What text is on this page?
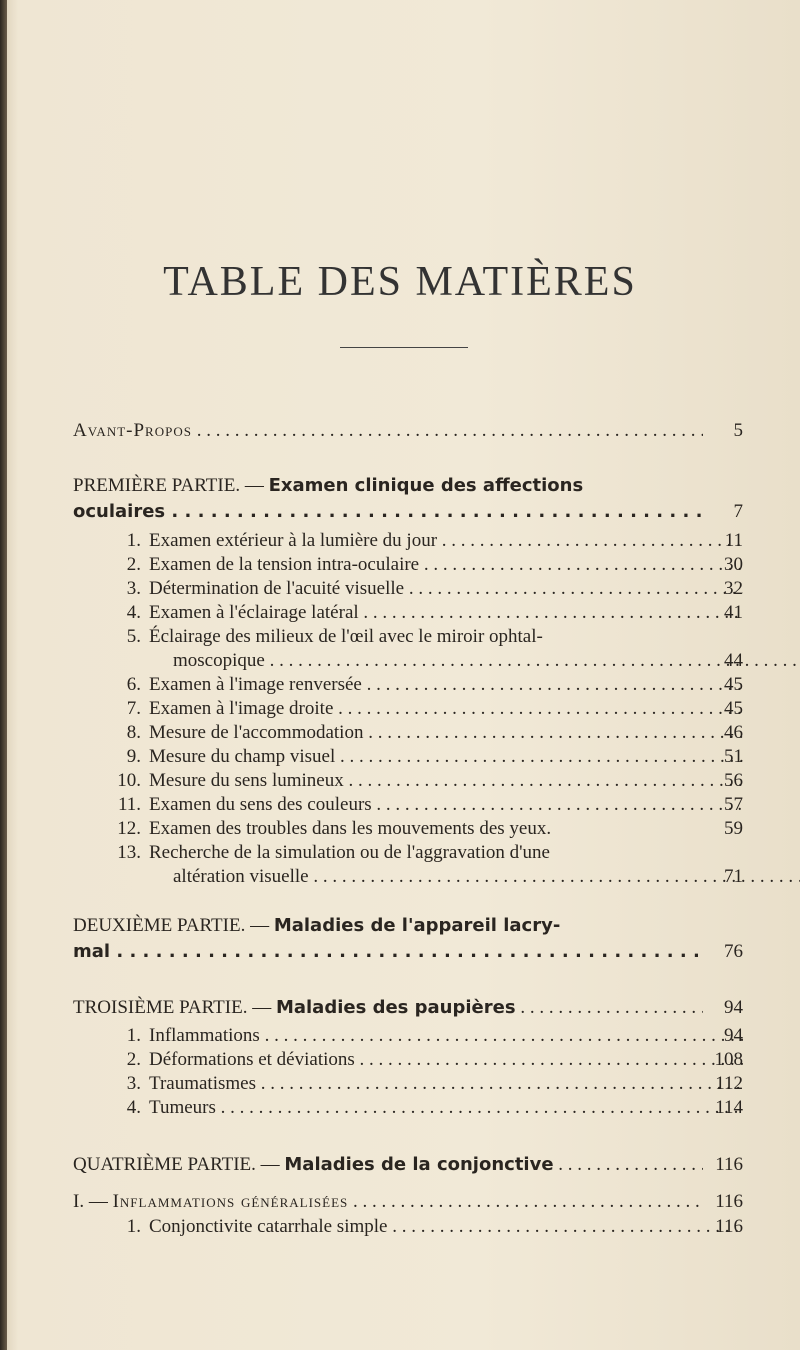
TABLE DES MATIÈRES
Avant-Propos . . .	5
PREMIÈRE PARTIE. — Examen clinique des affections
oculaires . . .	7
1. Examen extérieur à la lumière du jour . . .	11
2. Examen de la tension intra-oculaire . . .	30
3. Détermination de l'acuité visuelle . . .	32
4. Examen à l'éclairage latéral . . .	41
5. Éclairage des milieux de l'œil avec le miroir ophtal-
moscopique . . .	44
6. Examen à l'image renversée . . .	45
7. Examen à l'image droite . . .	45
8. Mesure de l'accommodation . . .	46
9. Mesure du champ visuel . . .	51
10. Mesure du sens lumineux . . .	56
11. Examen du sens des couleurs . . .	57
12. Examen des troubles dans les mouvements des yeux.	59
13. Recherche de la simulation ou de l'aggravation d'une
altération visuelle . . .	71
DEUXIÈME PARTIE. — Maladies de l'appareil lacry-
mal . . .	76
TROISIÈME PARTIE. — Maladies des paupières . . .	94
1. Inflammations . . .	94
2. Déformations et déviations . . .	108
3. Traumatismes . . .	112
4. Tumeurs . . .	114
QUATRIÈME PARTIE. — Maladies de la conjonctive . . .	116
I. — Inflammations généralisées . . .	116
1. Conjonctivite catarrhale simple . . .	116
